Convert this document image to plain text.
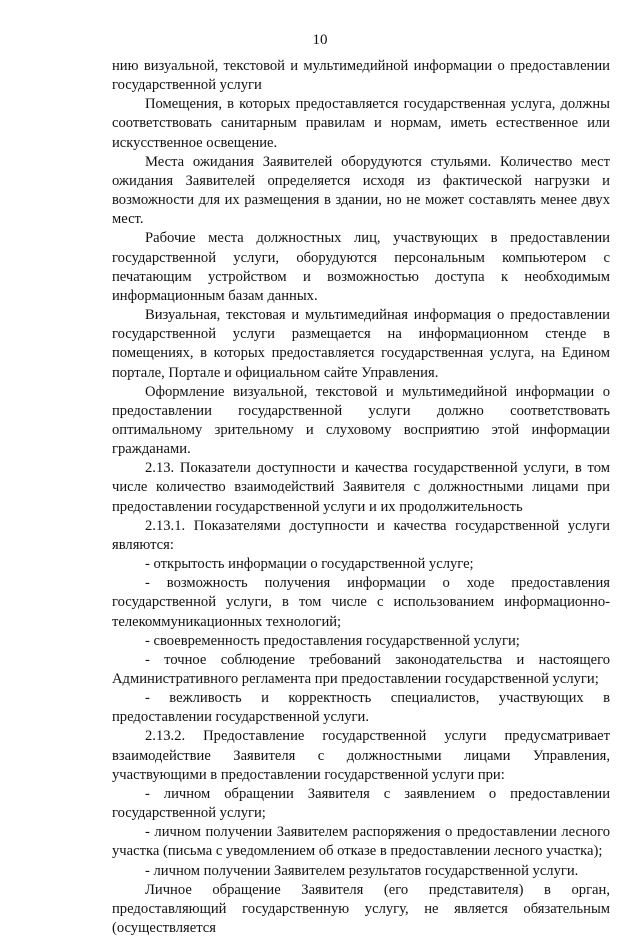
10

нию визуальной, текстовой и мультимедийной информации о предоставлении государственной услуги

Помещения, в которых предоставляется государственная услуга, должны соответствовать санитарным правилам и нормам, иметь естественное или искусственное освещение.

Места ожидания Заявителей оборудуются стульями. Количество мест ожидания Заявителей определяется исходя из фактической нагрузки и возможности для их размещения в здании, но не может составлять менее двух мест.

Рабочие места должностных лиц, участвующих в предоставлении государственной услуги, оборудуются персональным компьютером с печатающим устройством и возможностью доступа к необходимым информационным базам данных.

Визуальная, текстовая и мультимедийная информация о предоставлении государственной услуги размещается на информационном стенде в помещениях, в которых предоставляется государственная услуга, на Едином портале, Портале и официальном сайте Управления.

Оформление визуальной, текстовой и мультимедийной информации о предоставлении государственной услуги должно соответствовать оптимальному зрительному и слуховому восприятию этой информации гражданами.

2.13. Показатели доступности и качества государственной услуги, в том числе количество взаимодействий Заявителя с должностными лицами при предоставлении государственной услуги и их продолжительность

2.13.1. Показателями доступности и качества государственной услуги являются:

- открытость информации о государственной услуге;

- возможность получения информации о ходе предоставления государственной услуги, в том числе с использованием информационно-телекоммуникационных технологий;

- своевременность предоставления государственной услуги;

- точное соблюдение требований законодательства и настоящего Административного регламента при предоставлении государственной услуги;

- вежливость и корректность специалистов, участвующих в предоставлении государственной услуги.

2.13.2. Предоставление государственной услуги предусматривает взаимодействие Заявителя с должностными лицами Управления, участвующими в предоставлении государственной услуги при:

- личном обращении Заявителя с заявлением о предоставлении государственной услуги;

- личном получении Заявителем распоряжения о предоставлении лесного участка (письма с уведомлением об отказе в предоставлении лесного участка);

- личном получении Заявителем результатов государственной услуги.

Личное обращение Заявителя (его представителя) в орган, предоставляющий государственную услугу, не является обязательным (осуществляется
